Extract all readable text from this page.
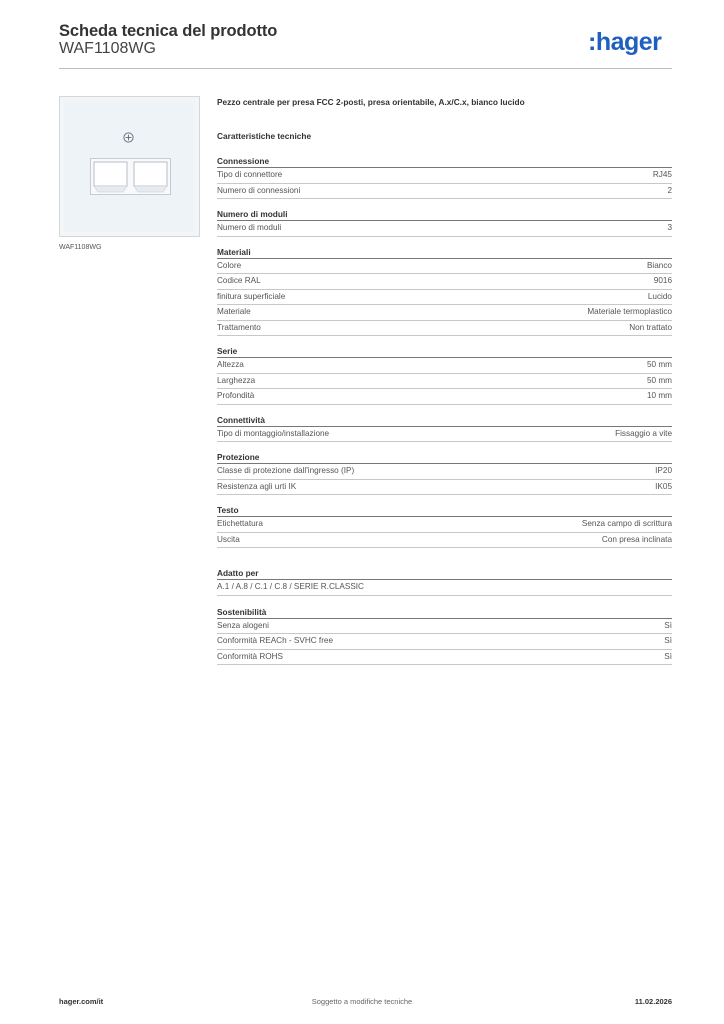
Scheda tecnica del prodotto
WAF1108WG	:hager
WAF1108WG
Pezzo centrale per presa FCC 2-posti, presa orientabile, A.x/C.x, bianco lucido
Caratteristiche tecniche
Connessione
Tipo di connettore	RJ45
Numero di connessioni	2
Numero di moduli
Numero di moduli	3
Materiali
Colore	Bianco
Codice RAL	9016
finitura superficiale	Lucido
Materiale	Materiale termoplastico
Trattamento	Non trattato
Serie
Altezza	50 mm
Larghezza	50 mm
Profondità	10 mm
Connettività
Tipo di montaggio/installazione	Fissaggio a vite
Protezione
Classe di protezione dall'ingresso (IP)	IP20
Resistenza agli urti IK	IK05
Testo
Etichettatura	Senza campo di scrittura
Uscita	Con presa inclinata
Adatto per
A.1 / A.8 / C.1 / C.8 / SERIE R.CLASSIC
Sostenibilità
Senza alogeni	Sì
Conformità REACh - SVHC free	Sì
Conformità ROHS	Sì
hager.com/it	Soggetto a modifiche tecniche	11.02.2026
